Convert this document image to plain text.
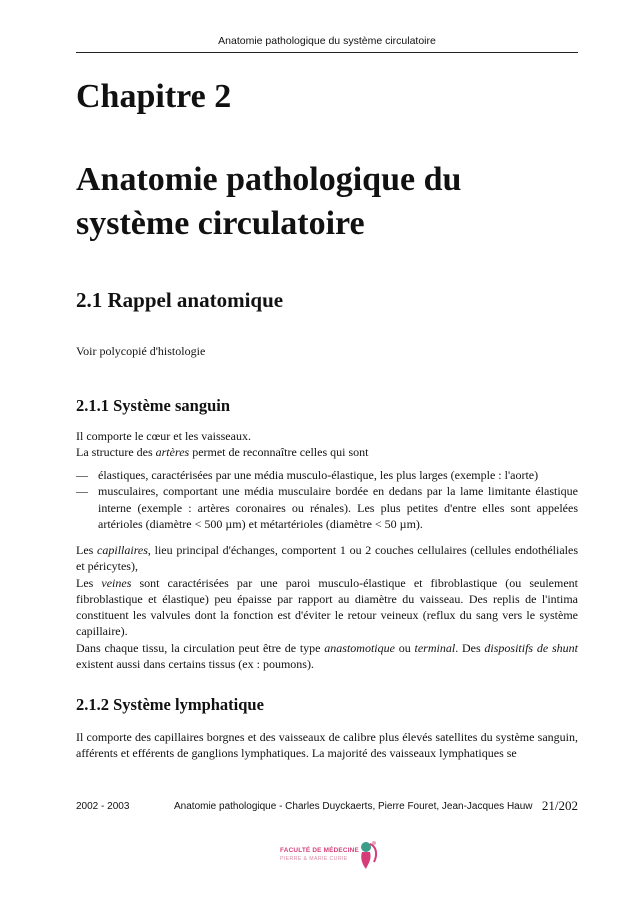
Anatomie pathologique du système circulatoire
Chapitre 2
Anatomie pathologique du système circulatoire
2.1 Rappel anatomique

Voir polycopié d'histologie

2.1.1 Système sanguin

Il comporte le cœur et les vaisseaux.
La structure des artères permet de reconnaître celles qui sont

— élastiques, caractérisées par une média musculo-élastique, les plus larges (exemple : l'aorte)
— musculaires, comportant une média musculaire bordée en dedans par la lame limitante élastique interne (exemple : artères coronaires ou rénales). Les plus petites d'entre elles sont appelées artérioles (diamètre < 500 µm) et métartérioles (diamètre < 50 µm).

Les capillaires, lieu principal d'échanges, comportent 1 ou 2 couches cellulaires (cellules endothéliales et péricytes),
Les veines sont caractérisées par une paroi musculo-élastique et fibroblastique (ou seulement fibroblastique et élastique) peu épaisse par rapport au diamètre du vaisseau. Des replis de l'intima constituent les valvules dont la fonction est d'éviter le retour veineux (reflux du sang vers le système capillaire).
Dans chaque tissu, la circulation peut être de type anastomotique ou terminal. Des dispositifs de shunt existent aussi dans certains tissus (ex : poumons).

2.1.2 Système lymphatique

Il comporte des capillaires borgnes et des vaisseaux de calibre plus élevés satellites du système sanguin, afférents et efférents de ganglions lymphatiques. La majorité des vaisseaux lymphatiques se

2002 - 2003	Anatomie pathologique - Charles Duyckaerts, Pierre Fouret, Jean-Jacques Hauw 21/202
FACULTÉ DE MÉDECINE
PIERRE & MARIE CURIE
